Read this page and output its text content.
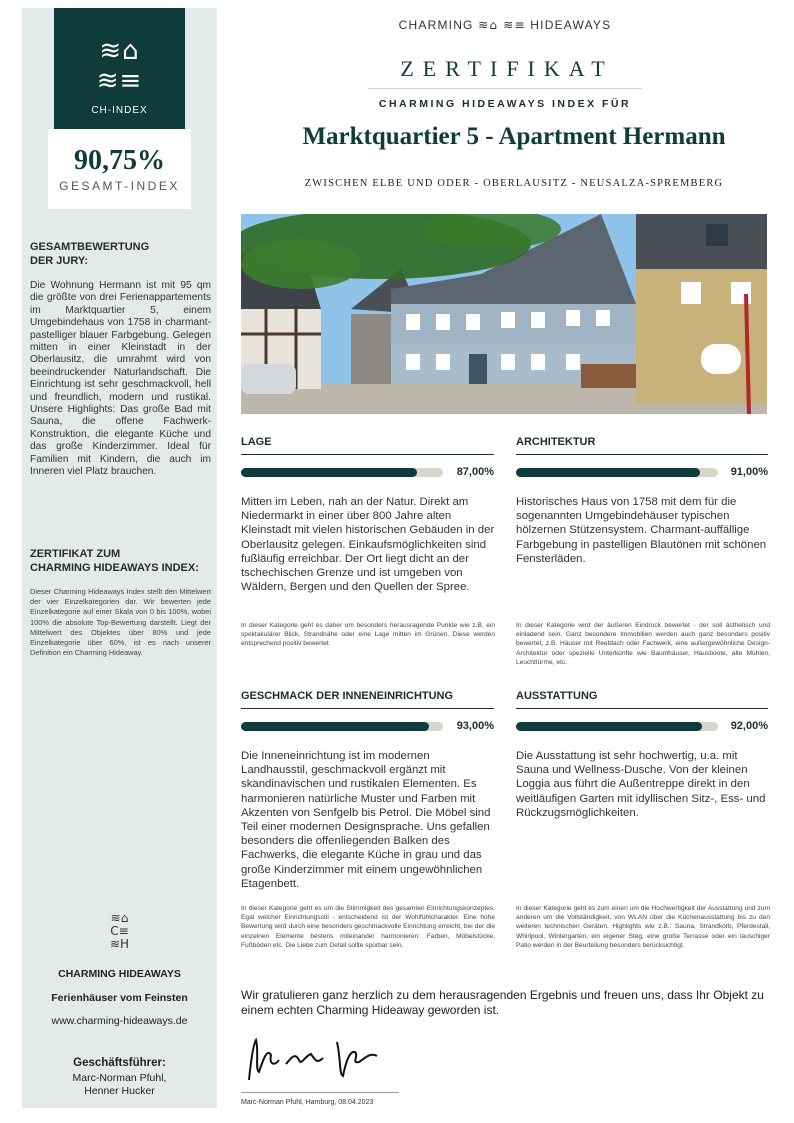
≋⌂
≋≡
CH-INDEX
90,75%
GESAMT-INDEX
GESAMTBEWERTUNG
DER JURY:
Die Wohnung Hermann ist mit 95 qm die größte von drei Ferienappartements im Marktquartier 5, einem Umgebindehaus von 1758 in charmant-pastelliger blauer Farbgebung. Gelegen mitten in einer Kleinstadt in der Oberlausitz, die umrahmt wird von beeindruckender Naturlandschaft. Die Einrichtung ist sehr geschmackvoll, hell und freundlich, modern und rustikal. Unsere Highlights: Das große Bad mit Sauna, die offene Fachwerk-Konstruktion, die elegante Küche und das große Kinderzimmer. Ideal für Familien mit Kindern, die auch im Inneren viel Platz brauchen.
ZERTIFIKAT ZUM
CHARMING HIDEAWAYS INDEX:
Dieser Charming Hideaways Index stellt den Mittelwert der vier Einzelkategorien dar. Wir bewerten jede Einzelkategorie auf einer Skala von 0 bis 100%, wobei 100% die absolute Top-Bewertung darstellt. Liegt der Mittelwert des Objektes über 80% und jede Einzelkategorie über 60%, ist es nach unserer Definition ein Charming Hideaway.
≋⌂
C≡
≋H
CHARMING HIDEAWAYS
Ferienhäuser vom Feinsten
www.charming-hideaways.de
Geschäftsführer:
Marc-Norman Pfuhl,
Henner Hucker
CHARMING ≋⌂ ≋≡ HIDEAWAYS
ZERTIFIKAT
CHARMING HIDEAWAYS INDEX FÜR
Marktquartier 5 - Apartment Hermann
ZWISCHEN ELBE UND ODER - OBERLAUSITZ - NEUSALZA-SPREMBERG
LAGE
87,00%
Mitten im Leben, nah an der Natur. Direkt am Niedermarkt in einer über 800 Jahre alten Kleinstadt mit vielen historischen Gebäuden in der Oberlausitz gelegen. Einkaufsmöglichkeiten sind fußläufig erreichbar. Der Ort liegt dicht an der tschechischen Grenze und ist umgeben von Wäldern, Bergen und den Quellen der Spree.
In dieser Kategorie geht es daher um besonders herausragende Punkte wie z.B. ein spektakulärer Blick, Strandnähe oder eine Lage mitten im Grünen. Diese werden entsprechend positiv bewertet.
ARCHITEKTUR
91,00%
Historisches Haus von 1758 mit dem für die sogenannten Umgebindehäuser typischen hölzernen Stützensystem. Charmant-auffällige Farbgebung in pastelligen Blautönen mit schönen Fensterläden.
In dieser Kategorie wird der äußeren Eindruck bewertet - der soll ästhetisch und einladend sein. Ganz besondere Immobilien werden auch ganz besonders positiv bewertet, z.B. Häuser mit Reetdach oder Fachwerk, eine außergewöhnliche Design-Architektur oder spezielle Unterkünfte wie Baumhäuser, Hausboote, alte Mühlen, Leuchttürme, etc.
GESCHMACK DER INNENEINRICHTUNG
93,00%
Die Inneneinrichtung ist im modernen Landhausstil, geschmackvoll ergänzt mit skandinavischen und rustikalen Elementen. Es harmonieren natürliche Muster und Farben mit Akzenten von Senfgelb bis Petrol. Die Möbel sind Teil einer modernen Designsprache. Uns gefallen besonders die offenliegenden Balken des Fachwerks, die elegante Küche in grau und das große Kinderzimmer mit einem ungewöhnlichen Etagenbett.
In dieser Kategorie geht es um die Stimmigkeit des gesamten Einrichtungskonzeptes. Egal welcher Einrichtungsstil - entscheidend ist der Wohlfühlcharakter. Eine hohe Bewertung wird durch eine besonders geschmackvolle Einrichtung erreicht, bei der die einzelnen Elemente bestens miteinander harmonieren: Farben, Möbelstücke, Fußböden etc. Die Liebe zum Detail sollte spürbar sein.
AUSSTATTUNG
92,00%
Die Ausstattung ist sehr hochwertig, u.a. mit Sauna und Wellness-Dusche. Von der kleinen Loggia aus führt die Außentreppe direkt in den weitläufigen Garten mit idyllischen Sitz-, Ess- und Rückzugsmöglichkeiten.
In dieser Kategorie geht es zum einen um die Hochwertigkeit der Ausstattung und zum anderen um die Vollständigkeit, von WLAN über die Küchenausstattung bis zu den weiteren technischen Geräten. Highlights wie z.B.: Sauna, Strandkorb, Pferdestall, Whirlpool, Wintergarten, ein eigener Steg, eine große Terrasse oder ein lauschiger Patio werden in der Beurteilung besonders berücksichtigt.
Wir gratulieren ganz herzlich zu dem herausragenden Ergebnis und freuen uns, dass Ihr Objekt zu einem echten Charming Hideaway geworden ist.
Marc-Norman Pfuhl, Hamburg, 08.04.2023
